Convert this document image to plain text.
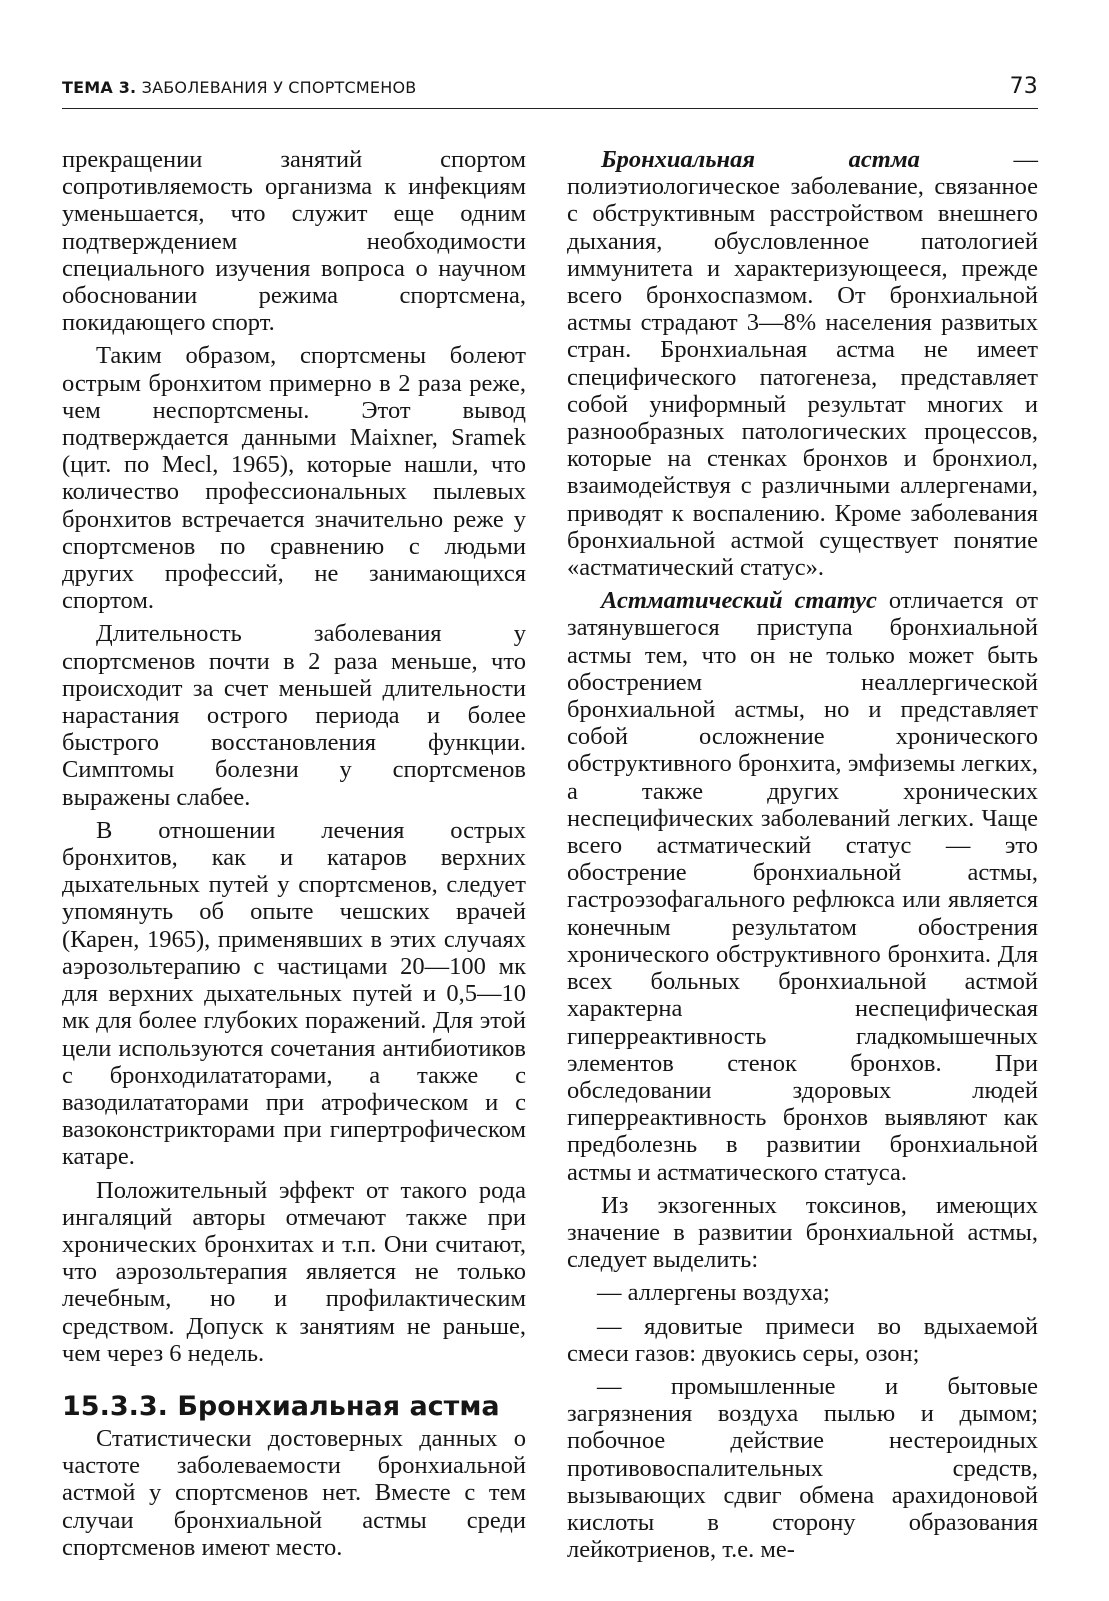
ТЕМА 3. ЗАБОЛЕВАНИЯ У СПОРТСМЕНОВ	73

прекращении занятий спортом сопротивляемость организма к инфекциям уменьшается, что служит еще одним подтверждением необходимости специального изучения вопроса о научном обосновании режима спортсмена, покидающего спорт.

Таким образом, спортсмены болеют острым бронхитом примерно в 2 раза реже, чем неспортсмены. Этот вывод подтверждается данными Maixner, Sramek (цит. по Mecl, 1965), которые нашли, что количество профессиональных пылевых бронхитов встречается значительно реже у спортсменов по сравнению с людьми других профессий, не занимающихся спортом.

Длительность заболевания у спортсменов почти в 2 раза меньше, что происходит за счет меньшей длительности нарастания острого периода и более быстрого восстановления функции. Симптомы болезни у спортсменов выражены слабее.

В отношении лечения острых бронхитов, как и катаров верхних дыхательных путей у спортсменов, следует упомянуть об опыте чешских врачей (Карен, 1965), применявших в этих случаях аэрозольтерапию с частицами 20—100 мк для верхних дыхательных путей и 0,5—10 мк для более глубоких поражений. Для этой цели используются сочетания антибиотиков с бронходилататорами, а также с вазодилататорами при атрофическом и с вазоконстрикторами при гипертрофическом катаре.

Положительный эффект от такого рода ингаляций авторы отмечают также при хронических бронхитах и т.п. Они считают, что аэрозольтерапия является не только лечебным, но и профилактическим средством. Допуск к занятиям не раньше, чем через 6 недель.

15.3.3. Бронхиальная астма

Статистически достоверных данных о частоте заболеваемости бронхиальной астмой у спортсменов нет. Вместе с тем случаи бронхиальной астмы среди спортсменов имеют место.

Бронхиальная астма — полиэтиологическое заболевание, связанное с обструктивным расстройством внешнего дыхания, обусловленное патологией иммунитета и характеризующееся, прежде всего бронхоспазмом. От бронхиальной астмы страдают 3—8% населения развитых стран. Бронхиальная астма не имеет специфического патогенеза, представляет собой униформный результат многих и разнообразных патологических процессов, которые на стенках бронхов и бронхиол, взаимодействуя с различными аллергенами, приводят к воспалению. Кроме заболевания бронхиальной астмой существует понятие «астматический статус».

Астматический статус отличается от затянувшегося приступа бронхиальной астмы тем, что он не только может быть обострением неаллергической бронхиальной астмы, но и представляет собой осложнение хронического обструктивного бронхита, эмфиземы легких, а также других хронических неспецифических заболеваний легких. Чаще всего астматический статус — это обострение бронхиальной астмы, гастроэзофагального рефлюкса или является конечным результатом обострения хронического обструктивного бронхита. Для всех больных бронхиальной астмой характерна неспецифическая гиперреактивность гладкомышечных элементов стенок бронхов. При обследовании здоровых людей гиперреактивность бронхов выявляют как предболезнь в развитии бронхиальной астмы и астматического статуса.

Из экзогенных токсинов, имеющих значение в развитии бронхиальной астмы, следует выделить:

— аллергены воздуха;

— ядовитые примеси во вдыхаемой смеси газов: двуокись серы, озон;

— промышленные и бытовые загрязнения воздуха пылью и дымом; побочное действие нестероидных противовоспалительных средств, вызывающих сдвиг обмена арахидоновой кислоты в сторону образования лейкотриенов, т.е. ме-
